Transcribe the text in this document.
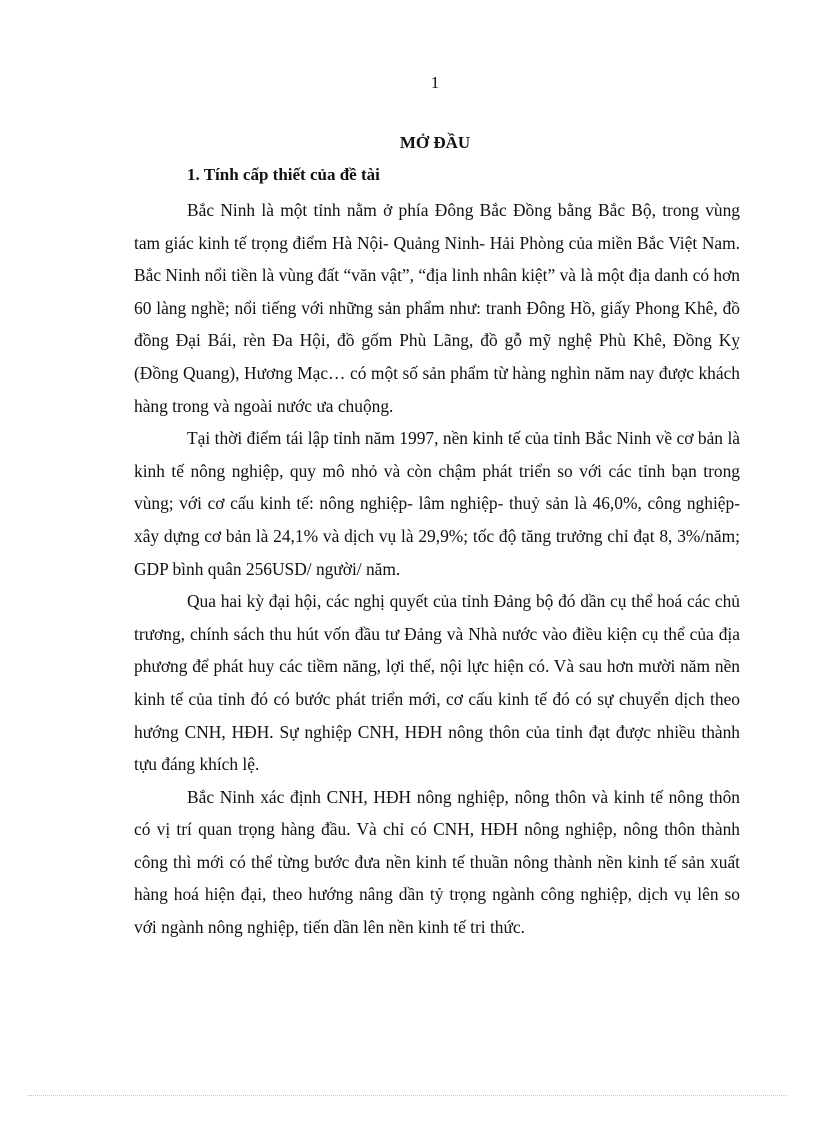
1
MỞ ĐẦU
1. Tính cấp thiết của đề tài

Bắc Ninh là một tỉnh nằm ở phía Đông Bắc Đồng bằng Bắc Bộ, trong vùng tam giác kinh tế trọng điểm Hà Nội- Quảng Ninh- Hải Phòng của miền Bắc Việt Nam. Bắc Ninh nổi tiền là vùng đất “văn vật”, “địa linh nhân kiệt” và là một địa danh có hơn 60 làng nghề; nổi tiếng với những sản phẩm như: tranh Đông Hồ, giấy Phong Khê, đồ đồng Đại Bái, rèn Đa Hội, đồ gốm Phù Lãng, đồ gỗ mỹ nghệ Phù Khê, Đồng Kỵ (Đồng Quang), Hương Mạc… có một số sản phẩm từ hàng nghìn năm nay được khách hàng trong và ngoài nước ưa chuộng.

Tại thời điểm tái lập tỉnh năm 1997, nền kinh tế của tỉnh Bắc Ninh về cơ bản là kinh tế nông nghiệp, quy mô nhỏ và còn chậm phát triển so với các tỉnh bạn trong vùng; với cơ cấu kinh tế: nông nghiệp- lâm nghiệp- thuỷ sản là 46,0%, công nghiệp- xây dựng cơ bản là 24,1% và dịch vụ là 29,9%; tốc độ tăng trưởng chỉ đạt 8, 3%/năm; GDP bình quân 256USD/ người/ năm.

Qua hai kỳ đại hội, các nghị quyết của tỉnh Đảng bộ đó dần cụ thể hoá các chủ trương, chính sách thu hút vốn đầu tư Đảng và Nhà nước vào điều kiện cụ thể của địa phương để phát huy các tiềm năng, lợi thế, nội lực hiện có. Và sau hơn mười năm nền kinh tế của tỉnh đó có bước phát triển mới, cơ cấu kinh tế đó có sự chuyển dịch theo hướng CNH, HĐH. Sự nghiệp CNH, HĐH nông thôn của tỉnh đạt được nhiều thành tựu đáng khích lệ.

Bắc Ninh xác định CNH, HĐH nông nghiệp, nông thôn và kinh tế nông thôn có vị trí quan trọng hàng đầu. Và chỉ có CNH, HĐH nông nghiệp, nông thôn thành công thì mới có thể từng bước đưa nền kinh tế thuần nông thành nền kinh tế sản xuất hàng hoá hiện đại, theo hướng nâng dần tỷ trọng ngành công nghiệp, dịch vụ lên so với ngành nông nghiệp, tiến dần lên nền kinh tế tri thức.
